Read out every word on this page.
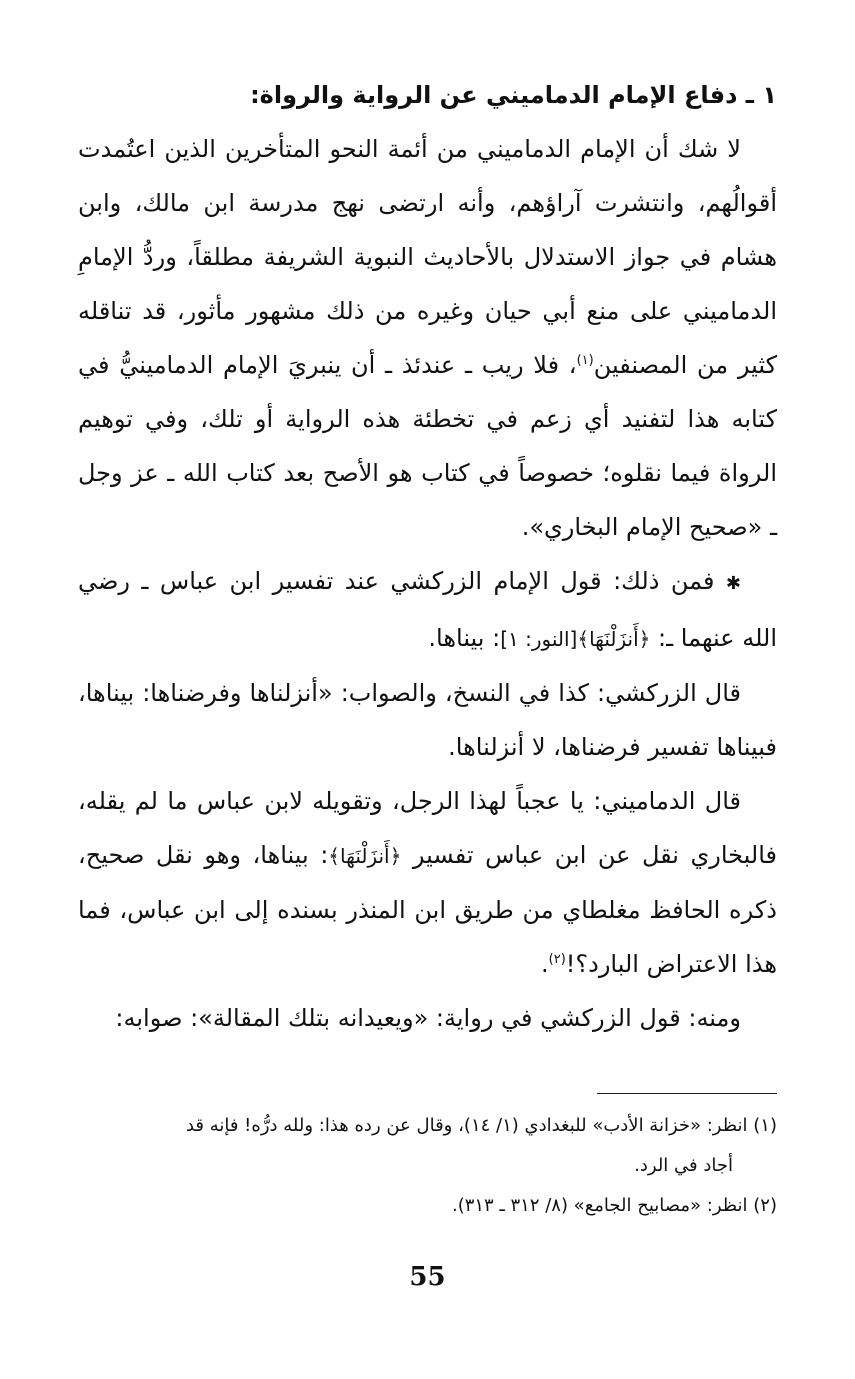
١ ـ دفاع الإمام الدماميني عن الرواية والرواة:

لا شك أن الإمام الدماميني من أئمة النحو المتأخرين الذين اعتُمدت أقوالُهم، وانتشرت آراؤهم، وأنه ارتضى نهج مدرسة ابن مالك، وابن هشام في جواز الاستدلال بالأحاديث النبوية الشريفة مطلقاً، وردُّ الإمامِ الدماميني على منع أبي حيان وغيره من ذلك مشهور مأثور، قد تناقله كثير من المصنفين$^{(١)}$، فلا ريب ـ عندئذ ـ أن ينبريَ الإمام الدمامينيُّ في كتابه هذا لتفنيد أي زعم في تخطئة هذه الرواية أو تلك، وفي توهيم الرواة فيما نقلوه؛ خصوصاً في كتاب هو الأصح بعد كتاب الله ـ عز وجل ـ «صحيح الإمام البخاري».

✱ فمن ذلك: قول الإمام الزركشي عند تفسير ابن عباس ـ رضي الله عنهما ـ: ﴿أَنزَلْنَهَا﴾[النور: ١]: بيناها.

قال الزركشي: كذا في النسخ، والصواب: «أنزلناها وفرضناها: بيناها، فبيناها تفسير فرضناها، لا أنزلناها.

قال الدماميني: يا عجباً لهذا الرجل، وتقويله لابن عباس ما لم يقله، فالبخاري نقل عن ابن عباس تفسير ﴿أَنزَلْنَهَا﴾: بيناها، وهو نقل صحيح، ذكره الحافظ مغلطاي من طريق ابن المنذر بسنده إلى ابن عباس، فما هذا الاعتراض البارد؟!$^{(٢)}$.

ومنه: قول الزركشي في رواية: «ويعيدانه بتلك المقالة»: صوابه:

(١) انظر: «خزانة الأدب» للبغدادي (١/ ١٤)، وقال عن رده هذا: ولله درُّه! فإنه قد

أجاد في الرد.

(٢) انظر: «مصابيح الجامع» (٨/ ٣١٢ ـ ٣١٣).

55
